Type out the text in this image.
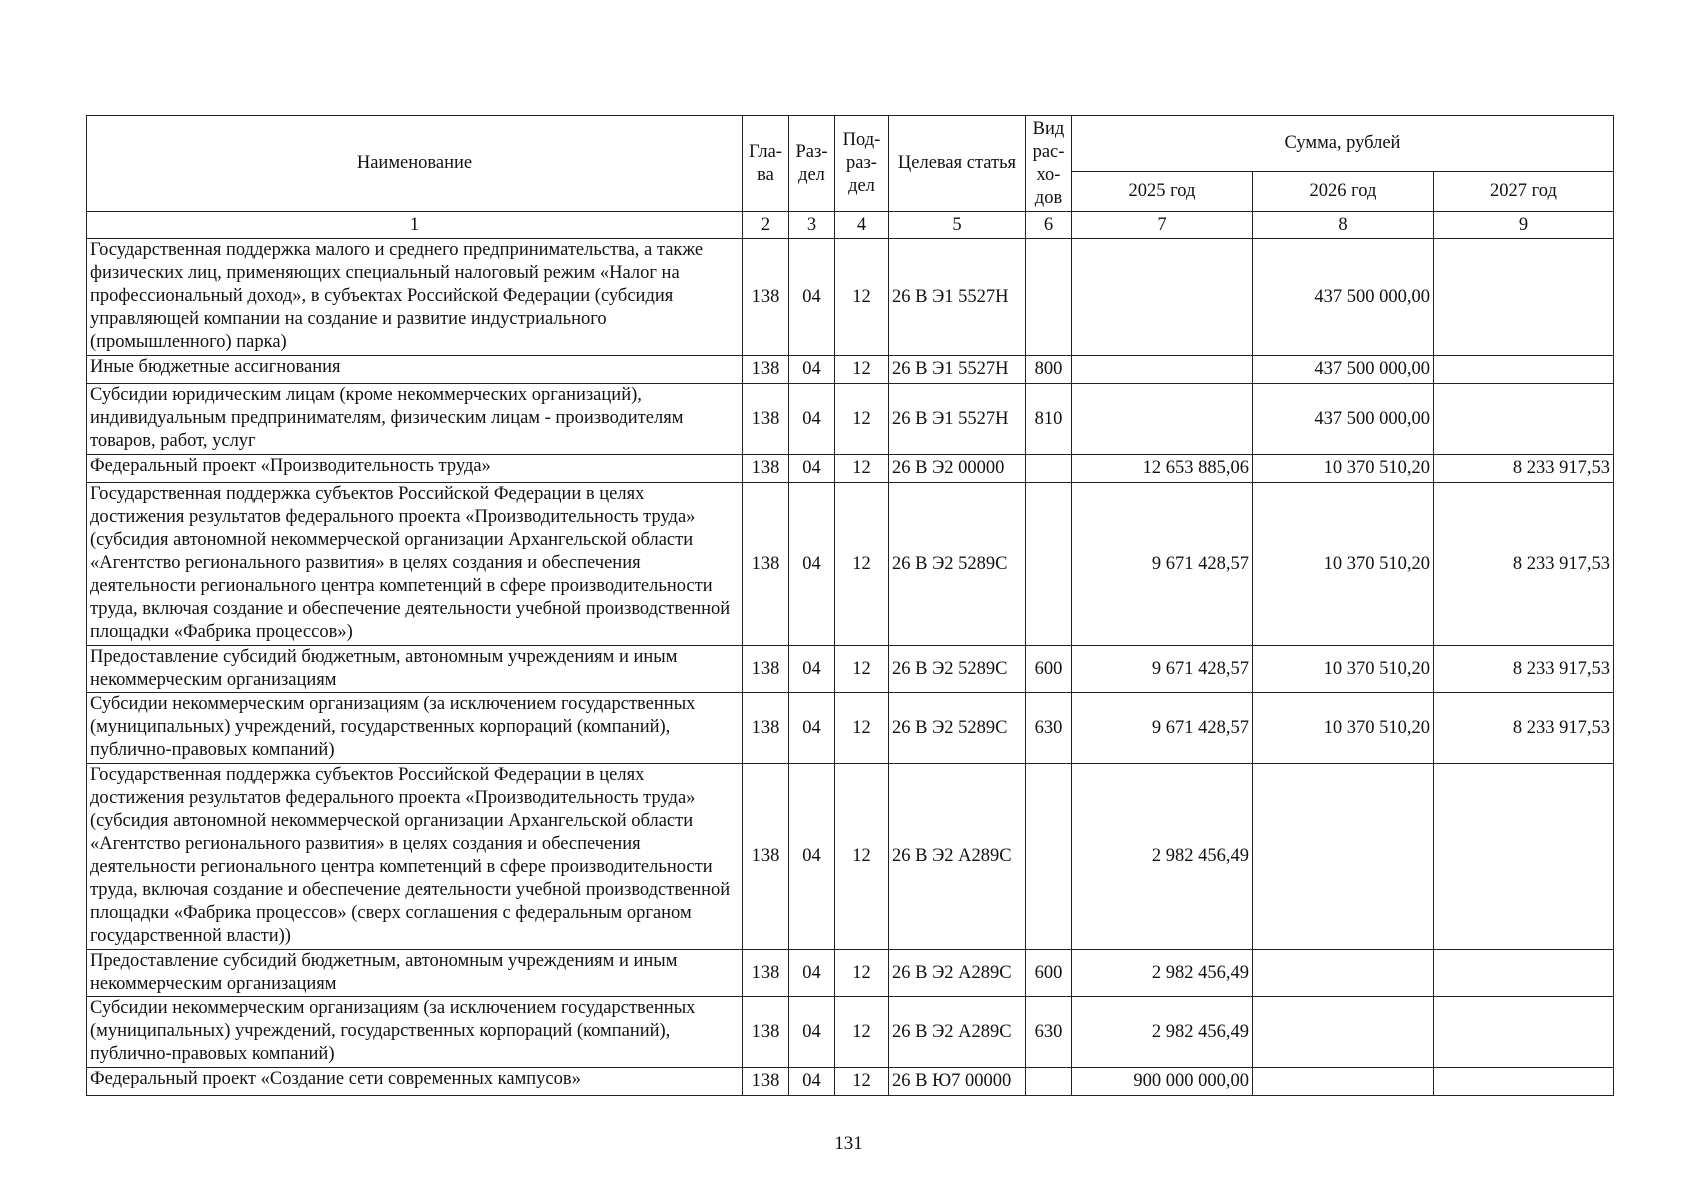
Наименование	Гла-ва	Раз-дел	Под-раз-дел	Целевая статья	Вид рас-хо-дов	Сумма, рублей		
						2025 год	2026 год	2027 год
1	2	3	4	5	6	7	8	9
Государственная поддержка малого и среднего предпринимательства, а также физических лиц, применяющих специальный налоговый режим «Налог на профессиональный доход», в субъектах Российской Федерации (субсидия управляющей компании на создание и развитие индустриального (промышленного) парка)	138	04	12	26 В Э1 5527Н			437 500 000,00	
Иные бюджетные ассигнования	138	04	12	26 В Э1 5527Н	800		437 500 000,00	
Субсидии юридическим лицам (кроме некоммерческих организаций), индивидуальным предпринимателям, физическим лицам - производителям товаров, работ, услуг	138	04	12	26 В Э1 5527Н	810		437 500 000,00	
Федеральный проект «Производительность труда»	138	04	12	26 В Э2 00000		12 653 885,06	10 370 510,20	8 233 917,53
Государственная поддержка субъектов Российской Федерации в целях достижения результатов федерального проекта «Производительность труда» (субсидия автономной некоммерческой организации Архангельской области «Агентство регионального развития» в целях создания и обеспечения деятельности регионального центра компетенций в сфере производительности труда, включая создание и обеспечение деятельности учебной производственной площадки «Фабрика процессов»)	138	04	12	26 В Э2 5289С		9 671 428,57	10 370 510,20	8 233 917,53
Предоставление субсидий бюджетным, автономным учреждениям и иным некоммерческим организациям	138	04	12	26 В Э2 5289С	600	9 671 428,57	10 370 510,20	8 233 917,53
Субсидии некоммерческим организациям (за исключением государственных (муниципальных) учреждений, государственных корпораций (компаний), публично-правовых компаний)	138	04	12	26 В Э2 5289С	630	9 671 428,57	10 370 510,20	8 233 917,53
Государственная поддержка субъектов Российской Федерации в целях достижения результатов федерального проекта «Производительность труда» (субсидия автономной некоммерческой организации Архангельской области «Агентство регионального развития» в целях создания и обеспечения деятельности регионального центра компетенций в сфере производительности труда, включая создание и обеспечение деятельности учебной производственной площадки «Фабрика процессов» (сверх соглашения с федеральным органом государственной власти))	138	04	12	26 В Э2 А289С		2 982 456,49		
Предоставление субсидий бюджетным, автономным учреждениям и иным некоммерческим организациям	138	04	12	26 В Э2 А289С	600	2 982 456,49		
Субсидии некоммерческим организациям (за исключением государственных (муниципальных) учреждений, государственных корпораций (компаний), публично-правовых компаний)	138	04	12	26 В Э2 А289С	630	2 982 456,49		
Федеральный проект «Создание сети современных кампусов»	138	04	12	26 В Ю7 00000		900 000 000,00		
131
